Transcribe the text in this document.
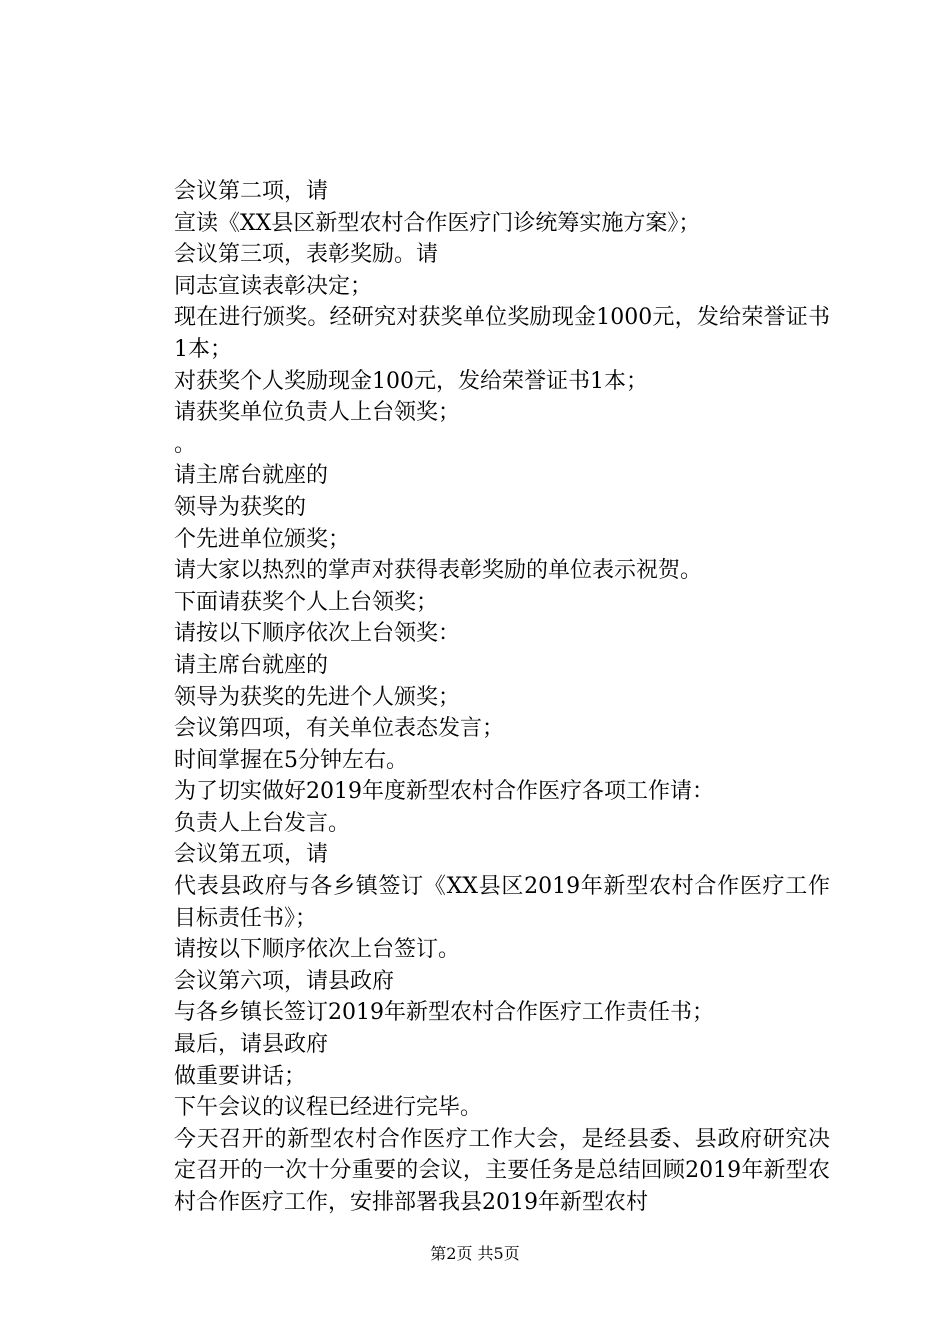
会议第二项，请

宣读《XX县区新型农村合作医疗门诊统筹实施方案》；

会议第三项，表彰奖励。请

同志宣读表彰决定；

现在进行颁奖。经研究对获奖单位奖励现金1000元，发给荣誉证书1本；

对获奖个人奖励现金100元，发给荣誉证书1本；

请获奖单位负责人上台领奖；

。

请主席台就座的

领导为获奖的

个先进单位颁奖；

请大家以热烈的掌声对获得表彰奖励的单位表示祝贺。

下面请获奖个人上台领奖；

请按以下顺序依次上台领奖：

请主席台就座的

领导为获奖的先进个人颁奖；

会议第四项，有关单位表态发言；

时间掌握在5分钟左右。

为了切实做好2019年度新型农村合作医疗各项工作请：

负责人上台发言。

会议第五项，请

代表县政府与各乡镇签订《XX县区2019年新型农村合作医疗工作目标责任书》；

请按以下顺序依次上台签订。

会议第六项，请县政府

与各乡镇长签订2019年新型农村合作医疗工作责任书；

最后，请县政府

做重要讲话；

下午会议的议程已经进行完毕。

今天召开的新型农村合作医疗工作大会，是经县委、县政府研究决定召开的一次十分重要的会议，主要任务是总结回顾2019年新型农村合作医疗工作，安排部署我县2019年新型农村

第2页 共5页
